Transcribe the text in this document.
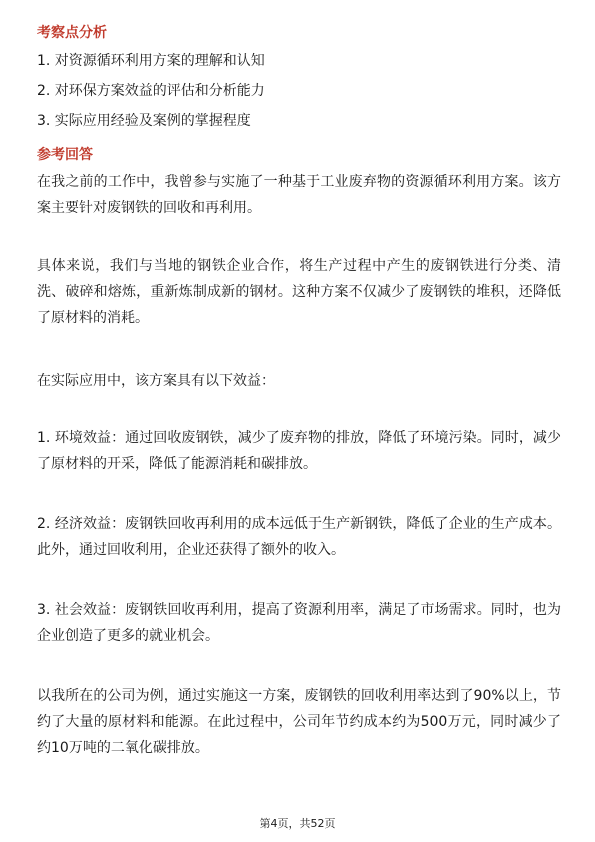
考察点分析
1. 对资源循环利用方案的理解和认知
2. 对环保方案效益的评估和分析能力
3. 实际应用经验及案例的掌握程度
参考回答
在我之前的工作中，我曾参与实施了一种基于工业废弃物的资源循环利用方案。该方案主要针对废钢铁的回收和再利用。
具体来说，我们与当地的钢铁企业合作，将生产过程中产生的废钢铁进行分类、清洗、破碎和熔炼，重新炼制成新的钢材。这种方案不仅减少了废钢铁的堆积，还降低了原材料的消耗。
在实际应用中，该方案具有以下效益：
1. 环境效益：通过回收废钢铁，减少了废弃物的排放，降低了环境污染。同时，减少了原材料的开采，降低了能源消耗和碳排放。
2. 经济效益：废钢铁回收再利用的成本远低于生产新钢铁，降低了企业的生产成本。此外，通过回收利用，企业还获得了额外的收入。
3. 社会效益：废钢铁回收再利用，提高了资源利用率，满足了市场需求。同时，也为企业创造了更多的就业机会。
以我所在的公司为例，通过实施这一方案，废钢铁的回收利用率达到了90%以上，节约了大量的原材料和能源。在此过程中，公司年节约成本约为500万元，同时减少了约10万吨的二氧化碳排放。
第4页，共52页
